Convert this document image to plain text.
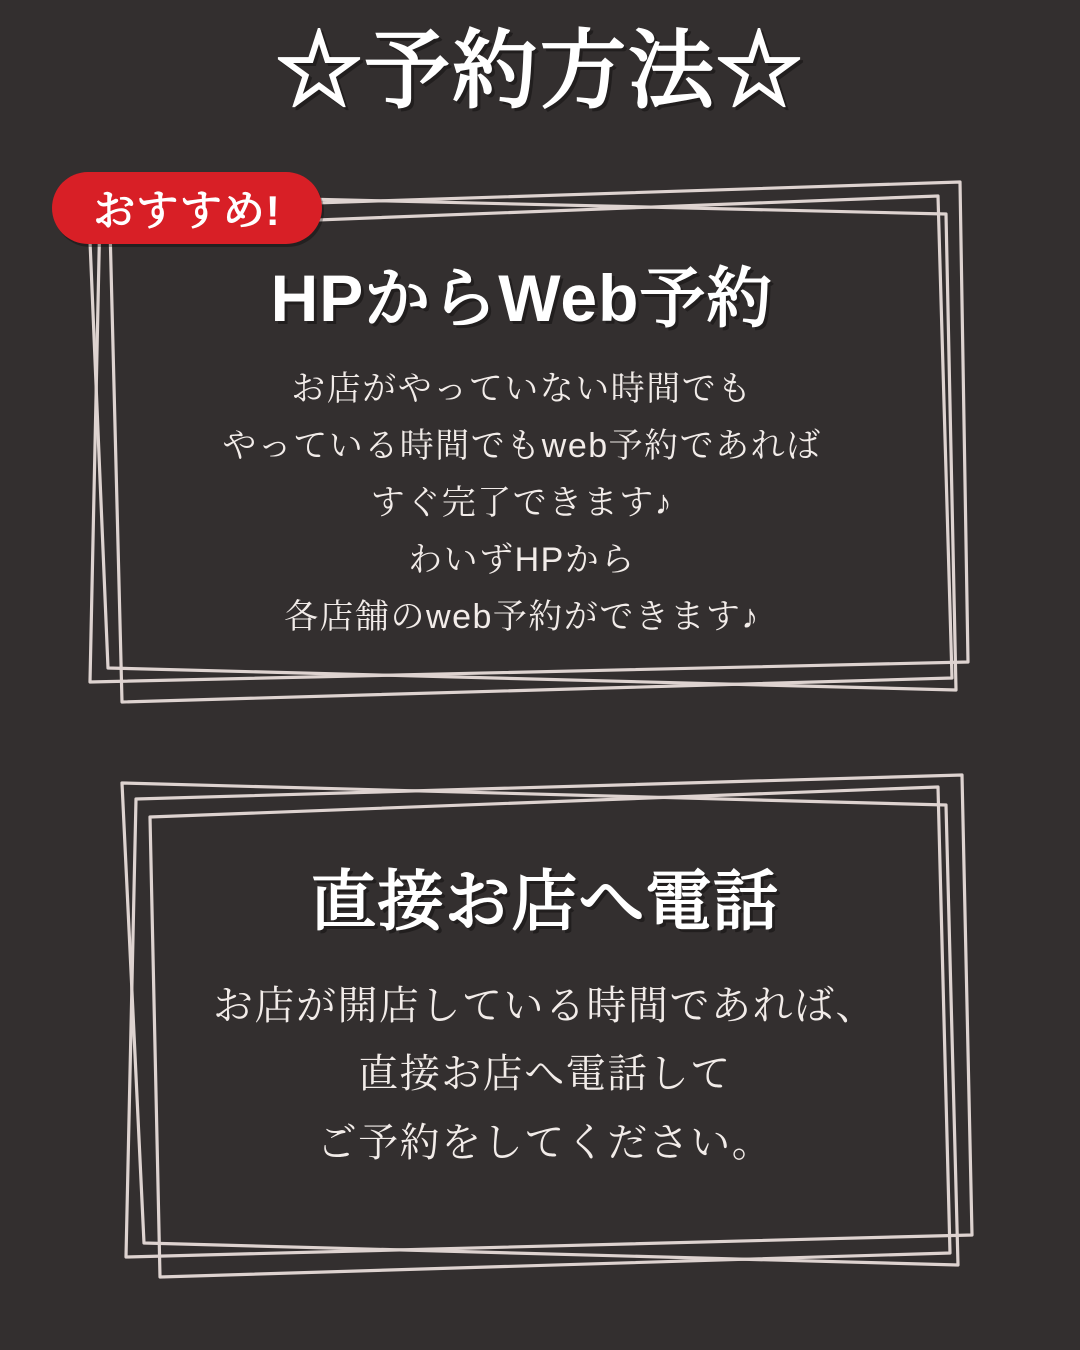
☆予約方法☆
HPからWeb予約
お店がやっていない時間でも
やっている時間でもweb予約であれば
すぐ完了できます♪
わいずHPから
各店舗のweb予約ができます♪
おすすめ!
直接お店へ電話
お店が開店している時間であれば、
直接お店へ電話して
ご予約をしてください。
